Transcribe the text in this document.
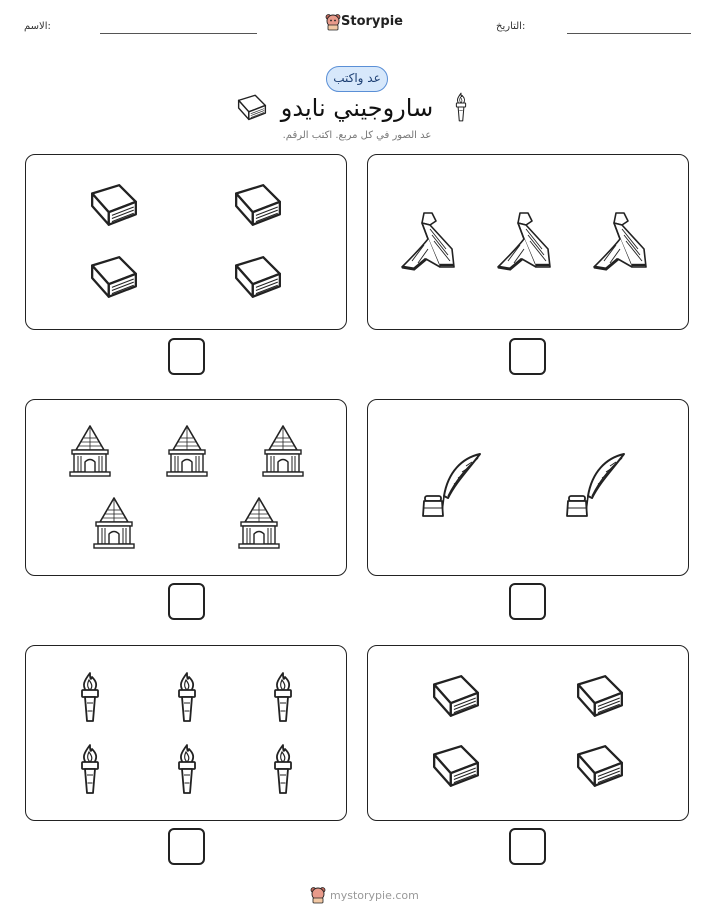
الاسم:	Storypie	التاريخ:
عد واكتب
ساروجيني نايدو
عد الصور في كل مربع. اكتب الرقم.
mystorypie.com
